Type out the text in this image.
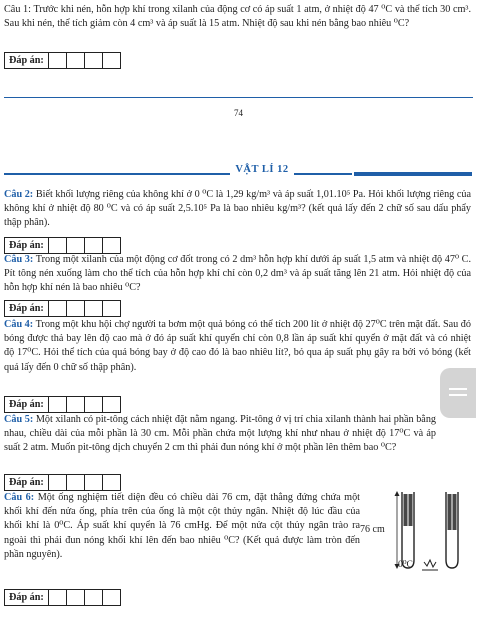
Câu 1: Trước khi nén, hỗn hợp khí trong xilanh của động cơ có áp suất 1 atm, ở nhiệt độ 47 ⁰C và thể tích 30 cm³. Sau khi nén, thể tích giảm còn 4 cm³ và áp suất là 15 atm. Nhiệt độ sau khi nén bằng bao nhiêu ⁰C?
Đáp án:
74
VẬT LÍ 12
Câu 2: Biết khối lượng riêng của không khí ở 0 ⁰C là 1,29 kg/m³ và áp suất 1,01.10⁵ Pa. Hỏi khối lượng riêng của không khí ở nhiệt độ 80 ⁰C và có áp suất 2,5.10⁵ Pa là bao nhiêu kg/m³? (kết quả lấy đến 2 chữ số sau dấu phẩy thập phân).
Đáp án:
Câu 3: Trong một xilanh của một động cơ đốt trong có 2 dm³ hỗn hợp khí dưới áp suất 1,5 atm và nhiệt độ 47⁰ C. Pít tông nén xuống làm cho thể tích của hỗn hợp khí chỉ còn 0,2 dm³ và áp suất tăng lên 21 atm. Hỏi nhiệt độ của hỗn hợp khí nén là bao nhiêu ⁰C?
Đáp án:
Câu 4: Trong một khu hội chợ người ta bơm một quả bóng có thể tích 200 lít ở nhiệt độ 27⁰C trên mặt đất. Sau đó bóng được thả bay lên độ cao mà ở đó áp suất khí quyển chỉ còn 0,8 lần áp suất khí quyển ở mặt đất và có nhiệt độ 17⁰C. Hỏi thể tích của quả bóng bay ở độ cao đó là bao nhiêu lít?, bỏ qua áp suất phụ gây ra bởi vỏ bóng (kết quả lấy đến 0 chữ số thập phân).
Đáp án:
Câu 5: Một xilanh có pit-tông cách nhiệt đặt nằm ngang. Pit-tông ở vị trí chia xilanh thành hai phần bằng nhau, chiều dài của mỗi phần là 30 cm. Mỗi phần chứa một lượng khí như nhau ở nhiệt độ 17⁰C và áp suất 2 atm. Muốn pit-tông dịch chuyển 2 cm thì phải đun nóng khí ở một phần lên thêm bao ⁰C?
Đáp án:
Câu 6: Một ống nghiệm tiết diện đều có chiều dài 76 cm, đặt thẳng đứng chứa một khối khí đến nửa ống, phía trên của ống là một cột thủy ngân. Nhiệt độ lúc đầu của khối khí là 0⁰C. Áp suất khí quyển là 76 cmHg. Để một nửa cột thủy ngân trào ra ngoài thì phải đun nóng khối khí lên đến bao nhiêu ⁰C? (Kết quả được làm tròn đến phần nguyên).
Đáp án:
76 cm
0⁰C
